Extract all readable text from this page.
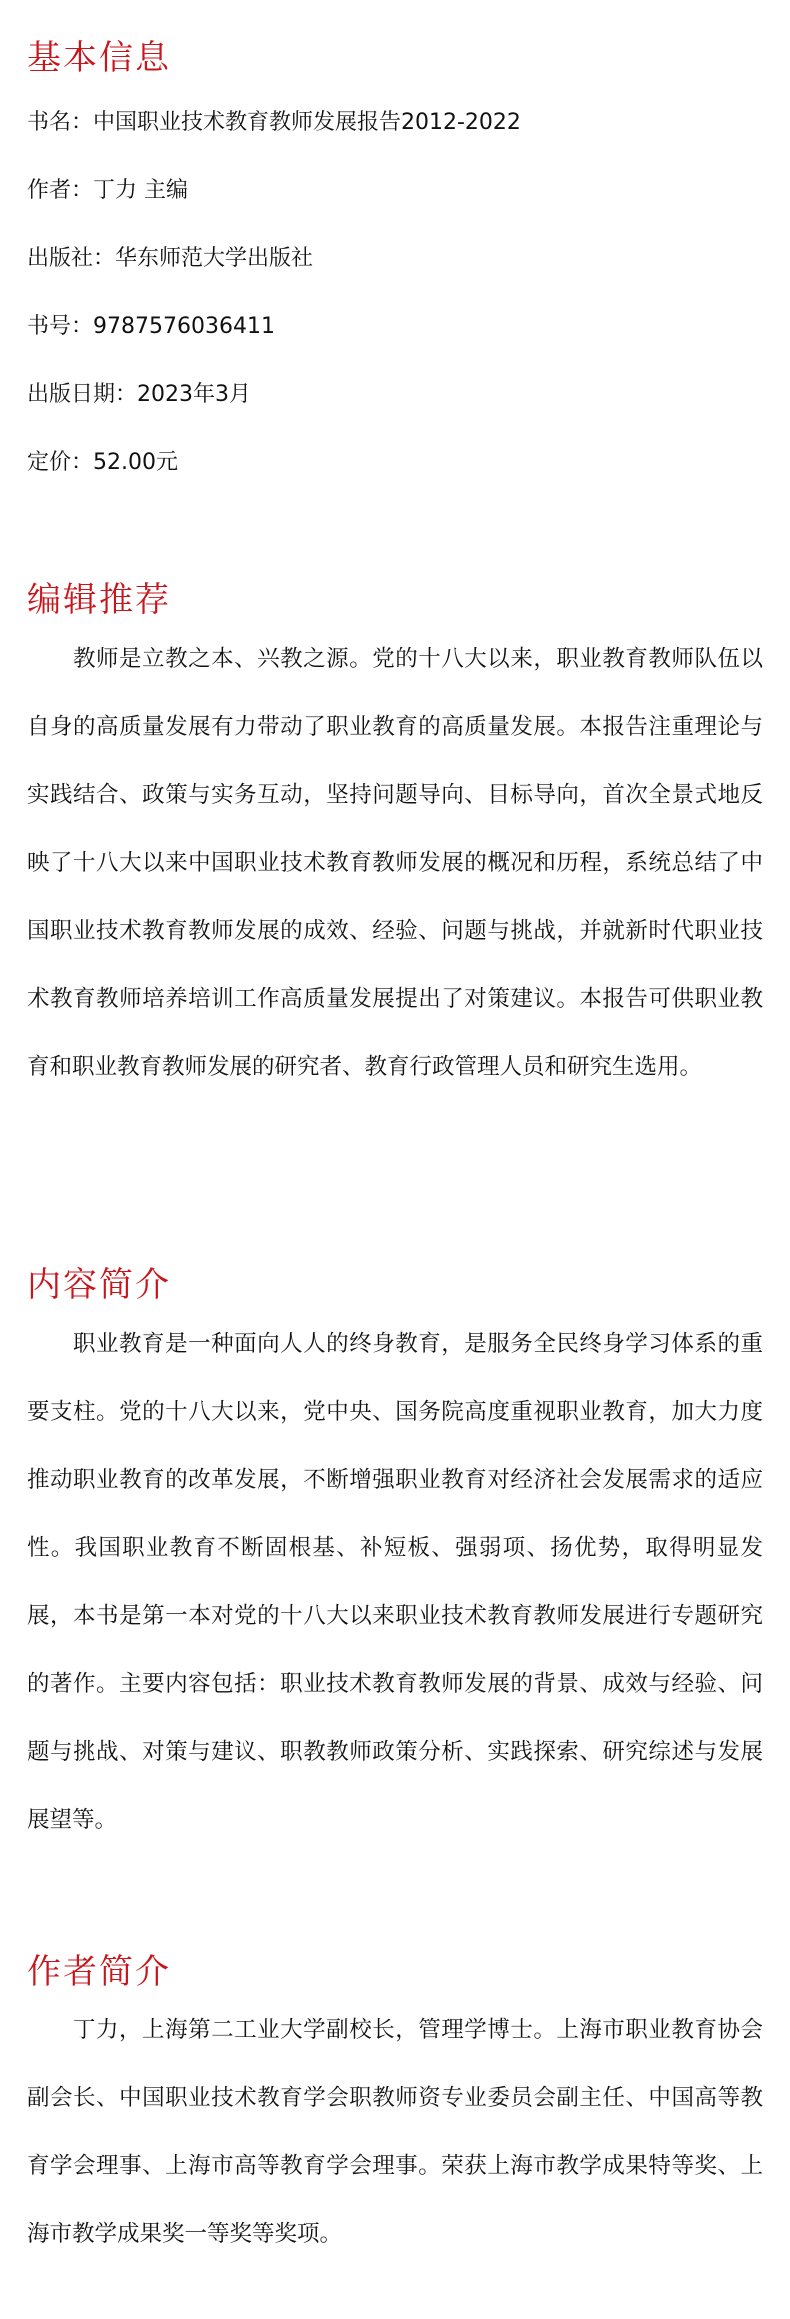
基本信息

书名：中国职业技术教育教师发展报告2012-2022

作者：丁力 主编

出版社：华东师范大学出版社

书号：9787576036411

出版日期：2023年3月

定价：52.00元

编辑推荐

教师是立教之本、兴教之源。党的十八大以来，职业教育教师队伍以自身的高质量发展有力带动了职业教育的高质量发展。本报告注重理论与实践结合、政策与实务互动，坚持问题导向、目标导向，首次全景式地反映了十八大以来中国职业技术教育教师发展的概况和历程，系统总结了中国职业技术教育教师发展的成效、经验、问题与挑战，并就新时代职业技术教育教师培养培训工作高质量发展提出了对策建议。本报告可供职业教育和职业教育教师发展的研究者、教育行政管理人员和研究生选用。

内容简介

职业教育是一种面向人人的终身教育，是服务全民终身学习体系的重要支柱。党的十八大以来，党中央、国务院高度重视职业教育，加大力度推动职业教育的改革发展，不断增强职业教育对经济社会发展需求的适应性。我国职业教育不断固根基、补短板、强弱项、扬优势，取得明显发展，本书是第一本对党的十八大以来职业技术教育教师发展进行专题研究的著作。主要内容包括：职业技术教育教师发展的背景、成效与经验、问题与挑战、对策与建议、职教教师政策分析、实践探索、研究综述与发展展望等。

作者简介

丁力，上海第二工业大学副校长，管理学博士。上海市职业教育协会副会长、中国职业技术教育学会职教师资专业委员会副主任、中国高等教育学会理事、上海市高等教育学会理事。荣获上海市教学成果特等奖、上海市教学成果奖一等奖等奖项。
